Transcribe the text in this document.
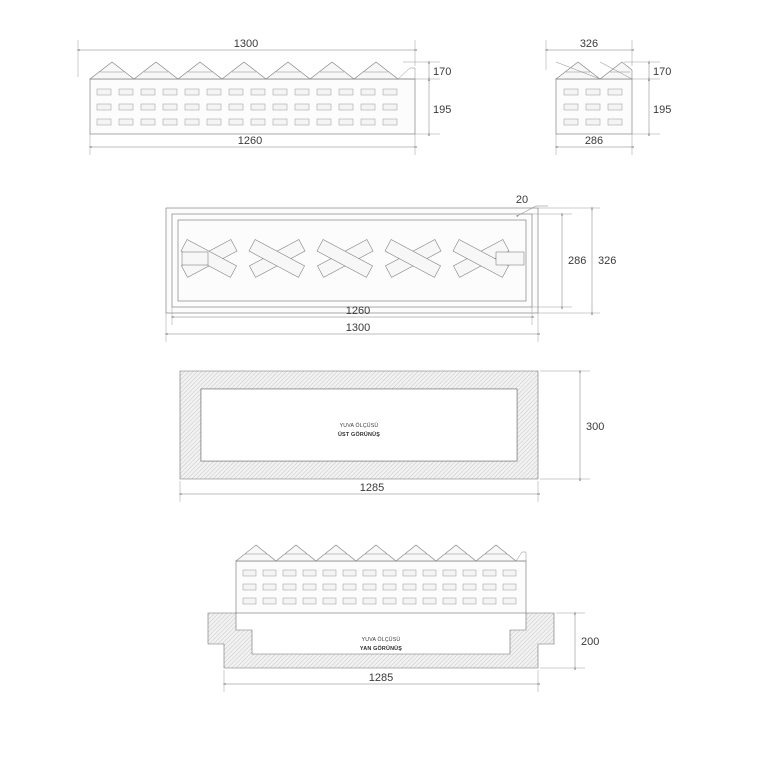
1300
1260
170
195
326
286
170
195
20
286 326
1260
1300
YUVA ÖLÇÜSÜ
ÜST GÖRÜNÜŞ
300
1285
YUVA ÖLÇÜSÜ
YAN GÖRÜNÜŞ
200
1285
